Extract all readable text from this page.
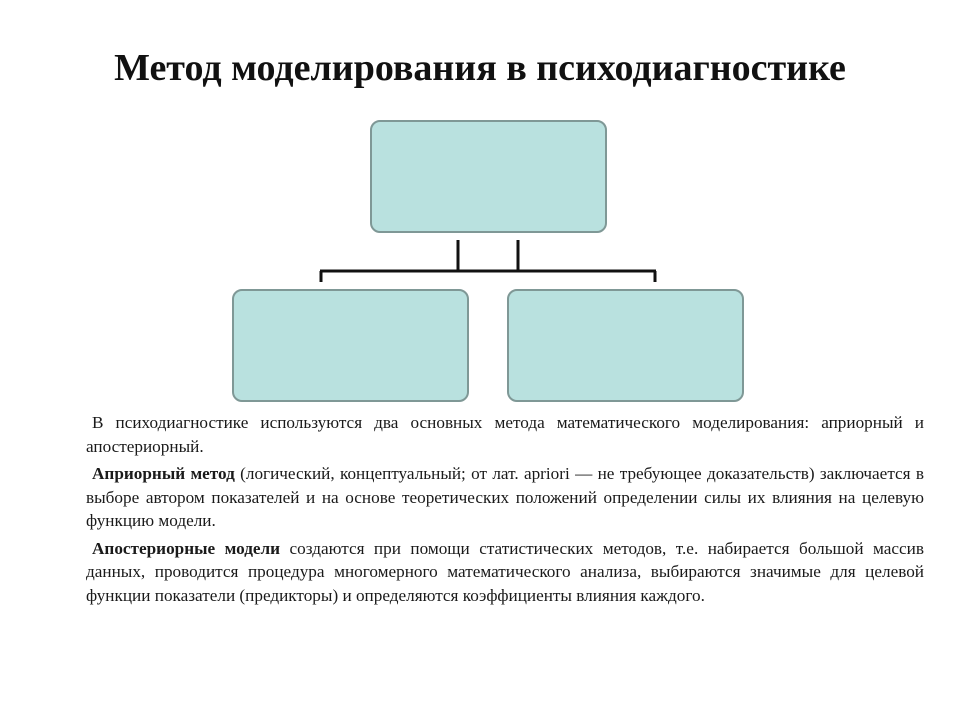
Метод моделирования в психодиагностике

В психодиагностике используются два основных метода математического моделирования: априорный и апостериорный.

Априорный метод (логический, концептуальный; от лат. apriori — не требующее доказательств) заключается в выборе автором показателей и на основе теоретических положений определении силы их влияния на целевую функцию модели.

Апостериорные модели создаются при помощи статистических методов, т.е. набирается большой массив данных, проводится процедура многомерного математического анализа, выбираются значимые для целевой функции показатели (предикторы) и определяются коэффициенты влияния каждого.
